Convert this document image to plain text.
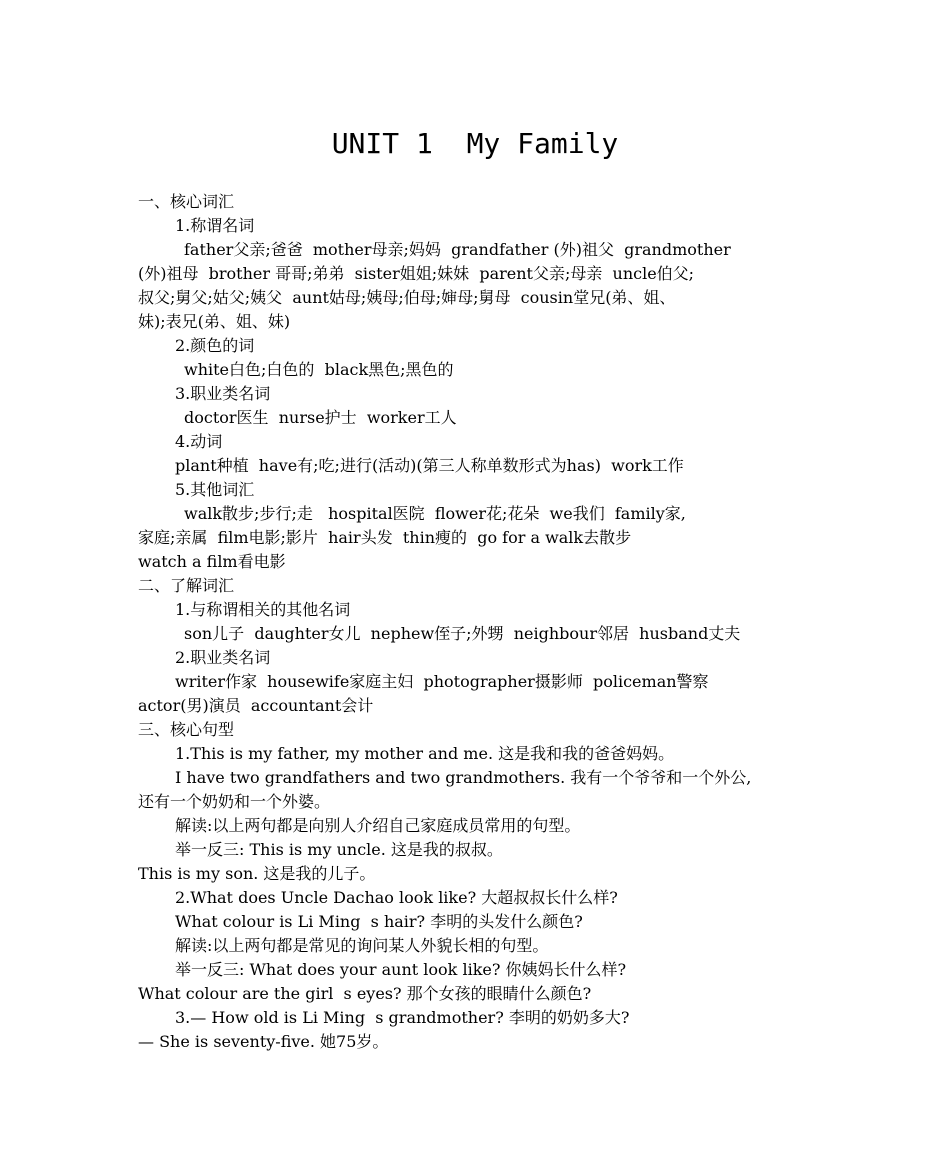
UNIT 1  My Family
一、核心词汇
1.称谓名词
father父亲;爸爸  mother母亲;妈妈  grandfather (外)祖父  grandmother
(外)祖母  brother 哥哥;弟弟  sister姐姐;妹妹  parent父亲;母亲  uncle伯父;
叔父;舅父;姑父;姨父  aunt姑母;姨母;伯母;婶母;舅母  cousin堂兄(弟、姐、
妹);表兄(弟、姐、妹)
2.颜色的词
white白色;白色的  black黑色;黑色的
3.职业类名词
doctor医生  nurse护士  worker工人
4.动词
plant种植  have有;吃;进行(活动)(第三人称单数形式为has)  work工作
5.其他词汇
walk散步;步行;走   hospital医院  flower花;花朵  we我们  family家,
家庭;亲属  film电影;影片  hair头发  thin瘦的  go for a walk去散步
watch a film看电影
二、了解词汇
1.与称谓相关的其他名词
son儿子  daughter女儿  nephew侄子;外甥  neighbour邻居  husband丈夫
2.职业类名词
writer作家  housewife家庭主妇  photographer摄影师  policeman警察
actor(男)演员  accountant会计
三、核心句型
1.This is my father, my mother and me. 这是我和我的爸爸妈妈。
I have two grandfathers and two grandmothers. 我有一个爷爷和一个外公,
还有一个奶奶和一个外婆。
解读:以上两句都是向别人介绍自己家庭成员常用的句型。
举一反三: This is my uncle. 这是我的叔叔。
This is my son. 这是我的儿子。
2.What does Uncle Dachao look like? 大超叔叔长什么样?
What colour is Li Ming  s hair? 李明的头发什么颜色?
解读:以上两句都是常见的询问某人外貌长相的句型。
举一反三: What does your aunt look like? 你姨妈长什么样?
What colour are the girl  s eyes? 那个女孩的眼睛什么颜色?
3.— How old is Li Ming  s grandmother? 李明的奶奶多大?
— She is seventy-five. 她75岁。
